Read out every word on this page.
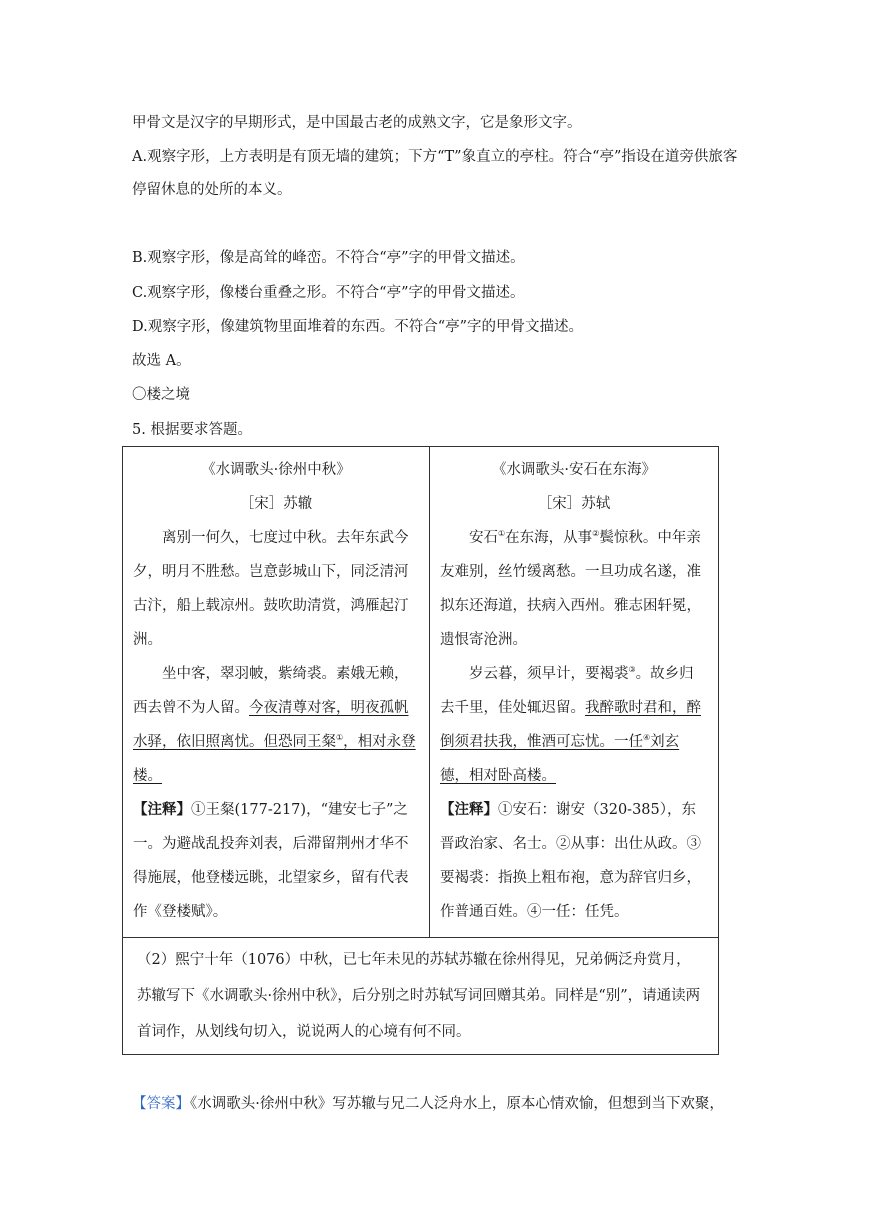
甲骨文是汉字的早期形式，是中国最古老的成熟文字，它是象形文字。
A.观察字形，上方表明是有顶无墙的建筑；下方“T”象直立的亭柱。符合“亭”指设在道旁供旅客停留休息的处所的本义。
B.观察字形，像是高耸的峰峦。不符合“亭”字的甲骨文描述。
C.观察字形，像楼台重叠之形。不符合“亭”字的甲骨文描述。
D.观察字形，像建筑物里面堆着的东西。不符合“亭”字的甲骨文描述。
故选 A。
〇楼之境
5. 根据要求答题。
《水调歌头·徐州中秋》
［宋］苏辙

离别一何久，七度过中秋。去年东武今夕，明月不胜愁。岂意彭城山下，同泛清河古汴，船上载凉州。鼓吹助清赏，鸿雁起汀洲。

坐中客，翠羽帔，紫绮裘。素娥无赖，西去曾不为人留。今夜清尊对客，明夜孤帆水驿，依旧照离忧。但恐同王粲①，相对永登楼。

【注释】①王粲(177-217)，“建安七子”之一。为避战乱投奔刘表，后滞留荆州才华不得施展，他登楼远眺，北望家乡，留有代表作《登楼赋》。

《水调歌头·安石在东海》
［宋］苏轼

安石①在东海，从事②鬓惊秋。中年亲友难别，丝竹缓离愁。一旦功成名遂，准拟东还海道，扶病入西州。雅志困轩冕，遗恨寄沧洲。

岁云暮，须早计，要褐裘③。故乡归去千里，佳处辄迟留。我醉歌时君和，醉倒须君扶我，惟酒可忘忧。一任④刘玄德，相对卧高楼。

【注释】①安石：谢安（320-385），东晋政治家、名士。②从事：出仕从政。③要褐裘：指换上粗布袍，意为辞官归乡，作普通百姓。④一任：任凭。

（2）熙宁十年（1076）中秋，已七年未见的苏轼苏辙在徐州得见，兄弟俩泛舟赏月，苏辙写下《水调歌头·徐州中秋》，后分别之时苏轼写词回赠其弟。同样是“别”，请通读两首词作，从划线句切入，说说两人的心境有何不同。
【答案】《水调歌头·徐州中秋》写苏辙与兄二人泛舟水上，原本心情欢愉，但想到当下欢聚，
